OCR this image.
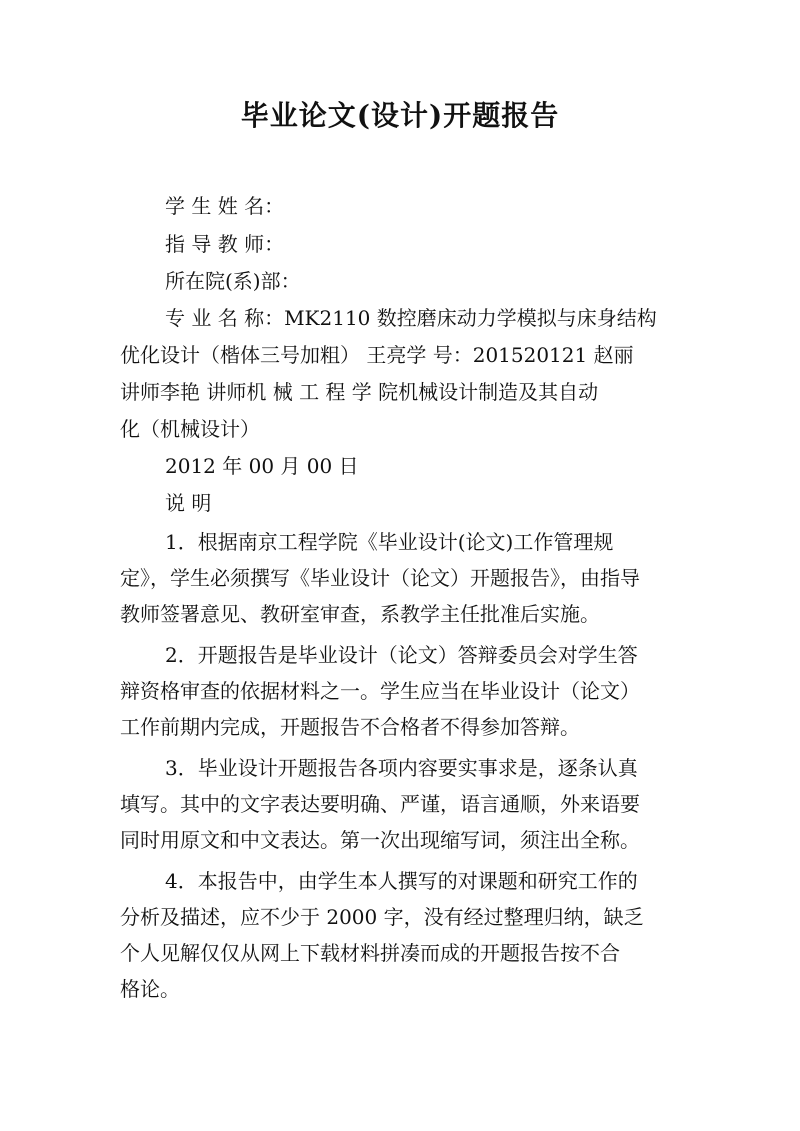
毕业论文(设计)开题报告
学 生 姓 名：
指 导 教 师：
所在院(系)部：
专 业 名 称：MK2110 数控磨床动力学模拟与床身结构
优化设计（楷体三号加粗） 王亮学 号：201520121 赵丽
讲师李艳 讲师机 械 工 程 学 院机械设计制造及其自动
化（机械设计）
2012 年 00 月 00 日
说 明
1．根据南京工程学院《毕业设计(论文)工作管理规
定》，学生必须撰写《毕业设计（论文）开题报告》，由指导
教师签署意见、教研室审查，系教学主任批准后实施。
2．开题报告是毕业设计（论文）答辩委员会对学生答
辩资格审查的依据材料之一。学生应当在毕业设计（论文）
工作前期内完成，开题报告不合格者不得参加答辩。
3．毕业设计开题报告各项内容要实事求是，逐条认真
填写。其中的文字表达要明确、严谨，语言通顺，外来语要
同时用原文和中文表达。第一次出现缩写词，须注出全称。
4．本报告中，由学生本人撰写的对课题和研究工作的
分析及描述，应不少于 2000 字，没有经过整理归纳，缺乏
个人见解仅仅从网上下载材料拼凑而成的开题报告按不合
格论。
